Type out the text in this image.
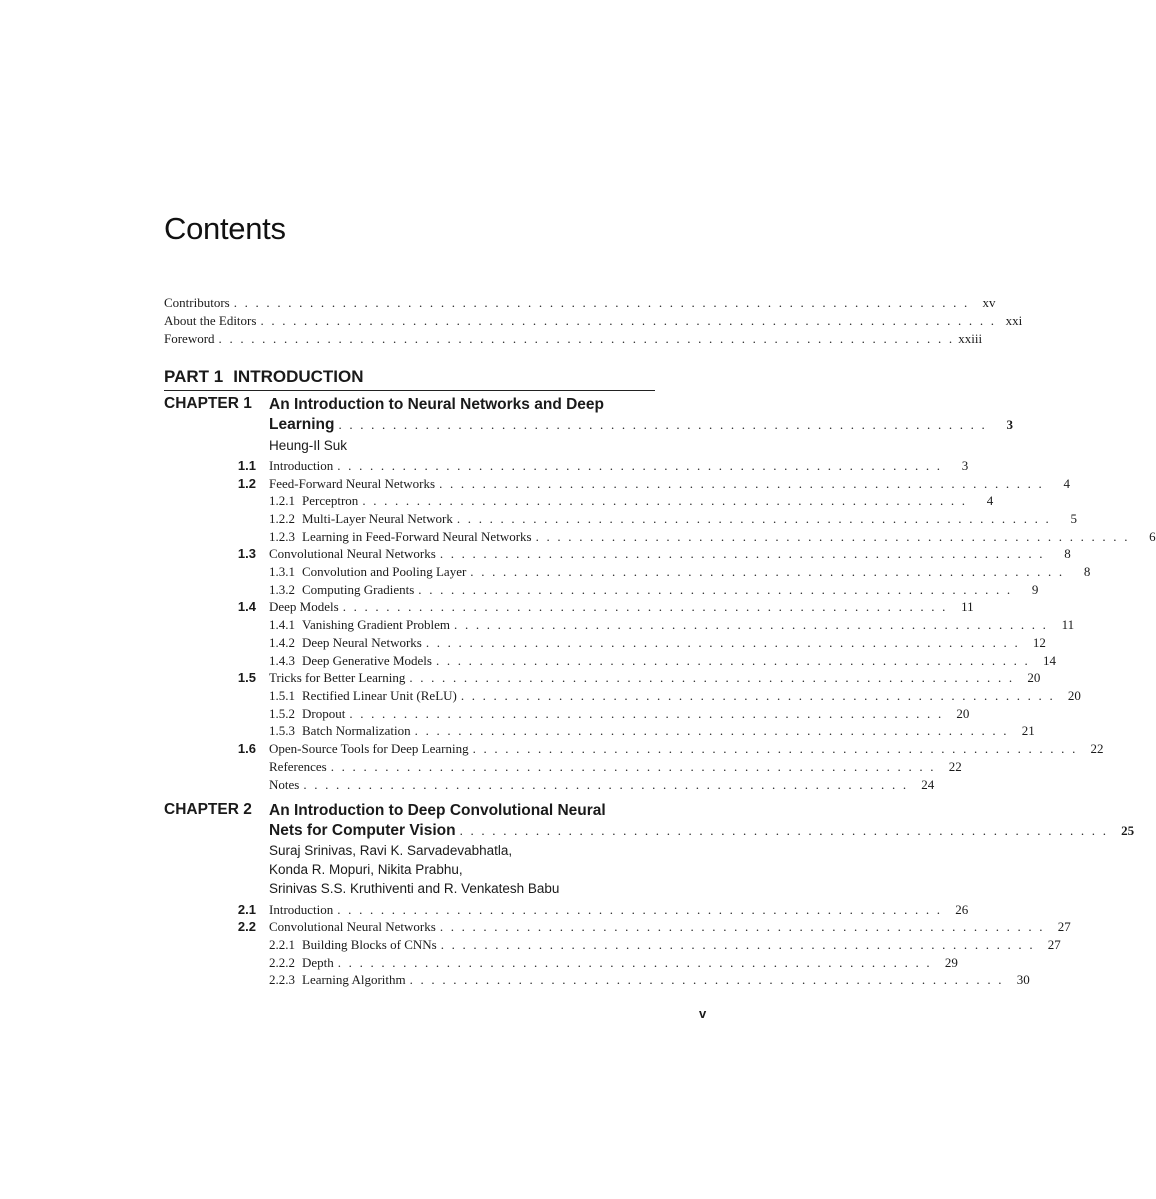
Contents
Contributors . . . . . . . . . . . . . . . . . . . . . . . . . . . . . . . . . . . . . . . . . . . . . . . . . . . . . . . . . . . . . . . . . . . .	xv
About the Editors . . . . . . . . . . . . . . . . . . . . . . . . . . . . . . . . . . . . . . . . . . . . . . . . . . . . . . . . . . . . . . . . . . . . xxi
Foreword . . . . . . . . . . . . . . . . . . . . . . . . . . . . . . . . . . . . . . . . . . . . . . . . . . . . . . . . . . . . . . . . . . . . xxiii
PART 1 INTRODUCTION
CHAPTER 1 An Introduction to Neural Networks and Deep
Learning . . . . . . . . . . . . . . . . . . . . . . . . . . . . . . . . . . . . . . . . . . . . . . . . . . . . . . . . . . . .	3
Heung-Il Suk
1.1 Introduction . . . . . . . . . . . . . . . . . . . . . . . . . . . . . . . . . . . . . . . . . . . . . . . . . . . . . . . .	3
1.2 Feed-Forward Neural Networks . . . . . . . . . . . . . . . . . . . . . . . . . . . . . . . . . . . . . . . . . . . . . . . . . . . . . . . .	4
1.2.1 Perceptron . . . . . . . . . . . . . . . . . . . . . . . . . . . . . . . . . . . . . . . . . . . . . . . . . . . . . . . .	4
1.2.2 Multi-Layer Neural Network . . . . . . . . . . . . . . . . . . . . . . . . . . . . . . . . . . . . . . . . . . . . . . . . . . . . . . .	5
1.2.3 Learning in Feed-Forward Neural Networks . . . . . . . . . . . . . . . . . . . . . . . . . . . . . . . . . . . . . . . . . . . . . . . . . . . . . . .	6
1.3 Convolutional Neural Networks . . . . . . . . . . . . . . . . . . . . . . . . . . . . . . . . . . . . . . . . . . . . . . . . . . . . . . . .	8
1.3.1 Convolution and Pooling Layer . . . . . . . . . . . . . . . . . . . . . . . . . . . . . . . . . . . . . . . . . . . . . . . . . . . . . . .	8
1.3.2 Computing Gradients . . . . . . . . . . . . . . . . . . . . . . . . . . . . . . . . . . . . . . . . . . . . . . . . . . . . . . .	9
1.4 Deep Models . . . . . . . . . . . . . . . . . . . . . . . . . . . . . . . . . . . . . . . . . . . . . . . . . . . . . . . .	11
1.4.1 Vanishing Gradient Problem . . . . . . . . . . . . . . . . . . . . . . . . . . . . . . . . . . . . . . . . . . . . . . . . . . . . . . .	11
1.4.2 Deep Neural Networks . . . . . . . . . . . . . . . . . . . . . . . . . . . . . . . . . . . . . . . . . . . . . . . . . . . . . . .	12
1.4.3 Deep Generative Models . . . . . . . . . . . . . . . . . . . . . . . . . . . . . . . . . . . . . . . . . . . . . . . . . . . . . . .	14
1.5 Tricks for Better Learning . . . . . . . . . . . . . . . . . . . . . . . . . . . . . . . . . . . . . . . . . . . . . . . . . . . . . . . .	20
1.5.1 Rectified Linear Unit (ReLU) . . . . . . . . . . . . . . . . . . . . . . . . . . . . . . . . . . . . . . . . . . . . . . . . . . . . . . .	20
1.5.2 Dropout . . . . . . . . . . . . . . . . . . . . . . . . . . . . . . . . . . . . . . . . . . . . . . . . . . . . . . .	20
1.5.3 Batch Normalization . . . . . . . . . . . . . . . . . . . . . . . . . . . . . . . . . . . . . . . . . . . . . . . . . . . . . . .	21
1.6 Open-Source Tools for Deep Learning . . . . . . . . . . . . . . . . . . . . . . . . . . . . . . . . . . . . . . . . . . . . . . . . . . . . . . . .	22
References . . . . . . . . . . . . . . . . . . . . . . . . . . . . . . . . . . . . . . . . . . . . . . . . . . . . . . . .	22
Notes . . . . . . . . . . . . . . . . . . . . . . . . . . . . . . . . . . . . . . . . . . . . . . . . . . . . . . . .	24
CHAPTER 2 An Introduction to Deep Convolutional Neural
Nets for Computer Vision . . . . . . . . . . . . . . . . . . . . . . . . . . . . . . . . . . . . . . . . . . . . . . . . . . . . . . . . . . . .	25
Suraj Srinivas, Ravi K. Sarvadevabhatla,
Konda R. Mopuri, Nikita Prabhu,
Srinivas S.S. Kruthiventi and R. Venkatesh Babu
2.1 Introduction . . . . . . . . . . . . . . . . . . . . . . . . . . . . . . . . . . . . . . . . . . . . . . . . . . . . . . . .	26
2.2 Convolutional Neural Networks . . . . . . . . . . . . . . . . . . . . . . . . . . . . . . . . . . . . . . . . . . . . . . . . . . . . . . . .	27
2.2.1 Building Blocks of CNNs . . . . . . . . . . . . . . . . . . . . . . . . . . . . . . . . . . . . . . . . . . . . . . . . . . . . . . .	27
2.2.2 Depth . . . . . . . . . . . . . . . . . . . . . . . . . . . . . . . . . . . . . . . . . . . . . . . . . . . . . . .	29
2.2.3 Learning Algorithm . . . . . . . . . . . . . . . . . . . . . . . . . . . . . . . . . . . . . . . . . . . . . . . . . . . . . . .	30
v
